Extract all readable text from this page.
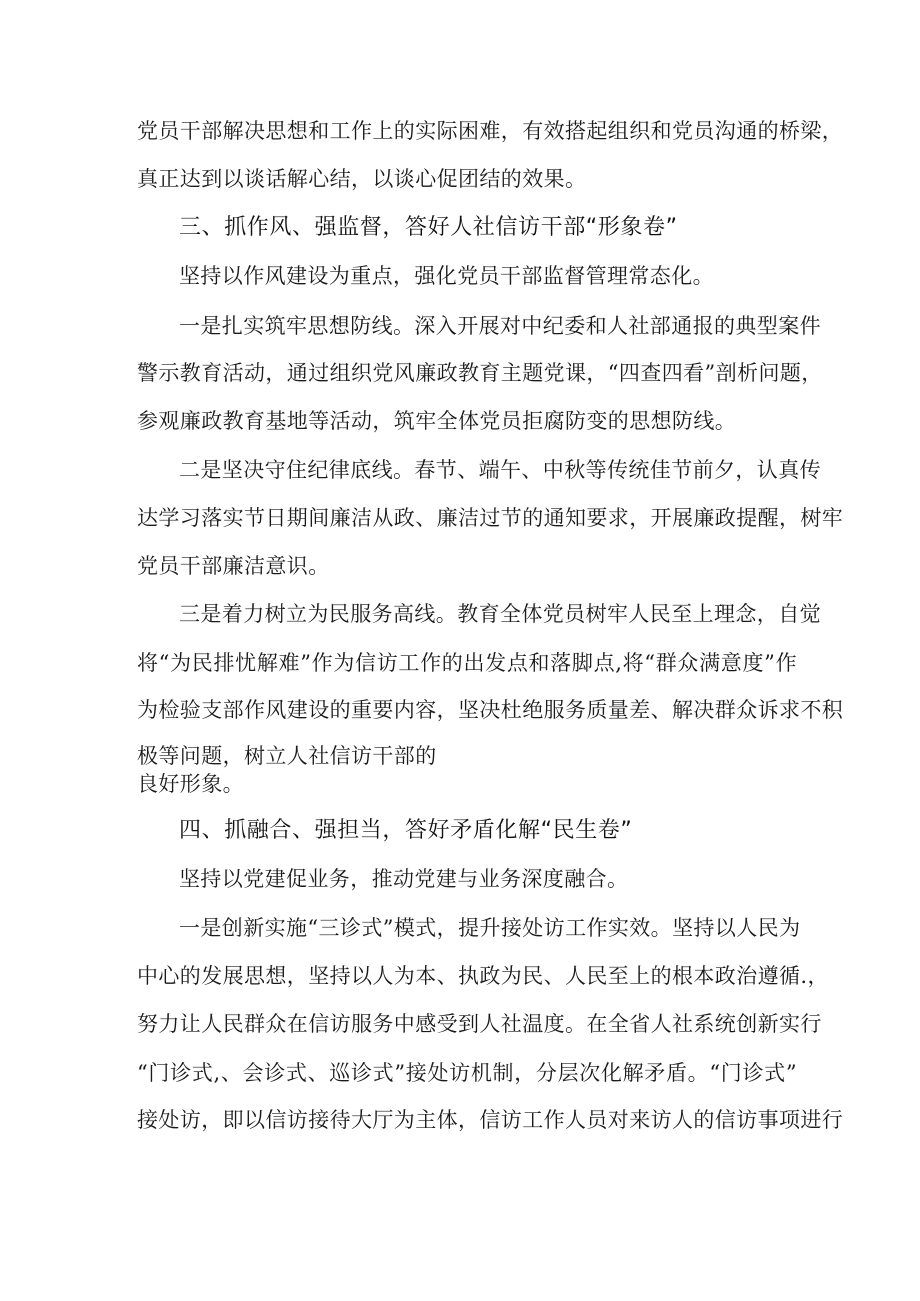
党员干部解决思想和工作上的实际困难，有效搭起组织和党员沟通的桥梁，
真正达到以谈话解心结，以谈心促团结的效果。
三、抓作风、强监督，答好人社信访干部“形象卷”
坚持以作风建设为重点，强化党员干部监督管理常态化。
一是扎实筑牢思想防线。深入开展对中纪委和人社部通报的典型案件
警示教育活动，通过组织党风廉政教育主题党课，“四查四看”剖析问题，
参观廉政教育基地等活动，筑牢全体党员拒腐防变的思想防线。
二是坚决守住纪律底线。春节、端午、中秋等传统佳节前夕，认真传
达学习落实节日期间廉洁从政、廉洁过节的通知要求，开展廉政提醒，树牢
党员干部廉洁意识。
三是着力树立为民服务高线。教育全体党员树牢人民至上理念，自觉
将“为民排忧解难”作为信访工作的出发点和落脚点,将“群众满意度”作
为检验支部作风建设的重要内容，坚决杜绝服务质量差、解决群众诉求不积
极等问题，树立人社信访干部的
良好形象。
四、抓融合、强担当，答好矛盾化解“民生卷”
坚持以党建促业务，推动党建与业务深度融合。
一是创新实施“三诊式”模式，提升接处访工作实效。坚持以人民为
中心的发展思想，坚持以人为本、执政为民、人民至上的根本政治遵循.，
努力让人民群众在信访服务中感受到人社温度。在全省人社系统创新实行
“门诊式,、会诊式、巡诊式”接处访机制，分层次化解矛盾。“门诊式”
接处访，即以信访接待大厅为主体，信访工作人员对来访人的信访事项进行
